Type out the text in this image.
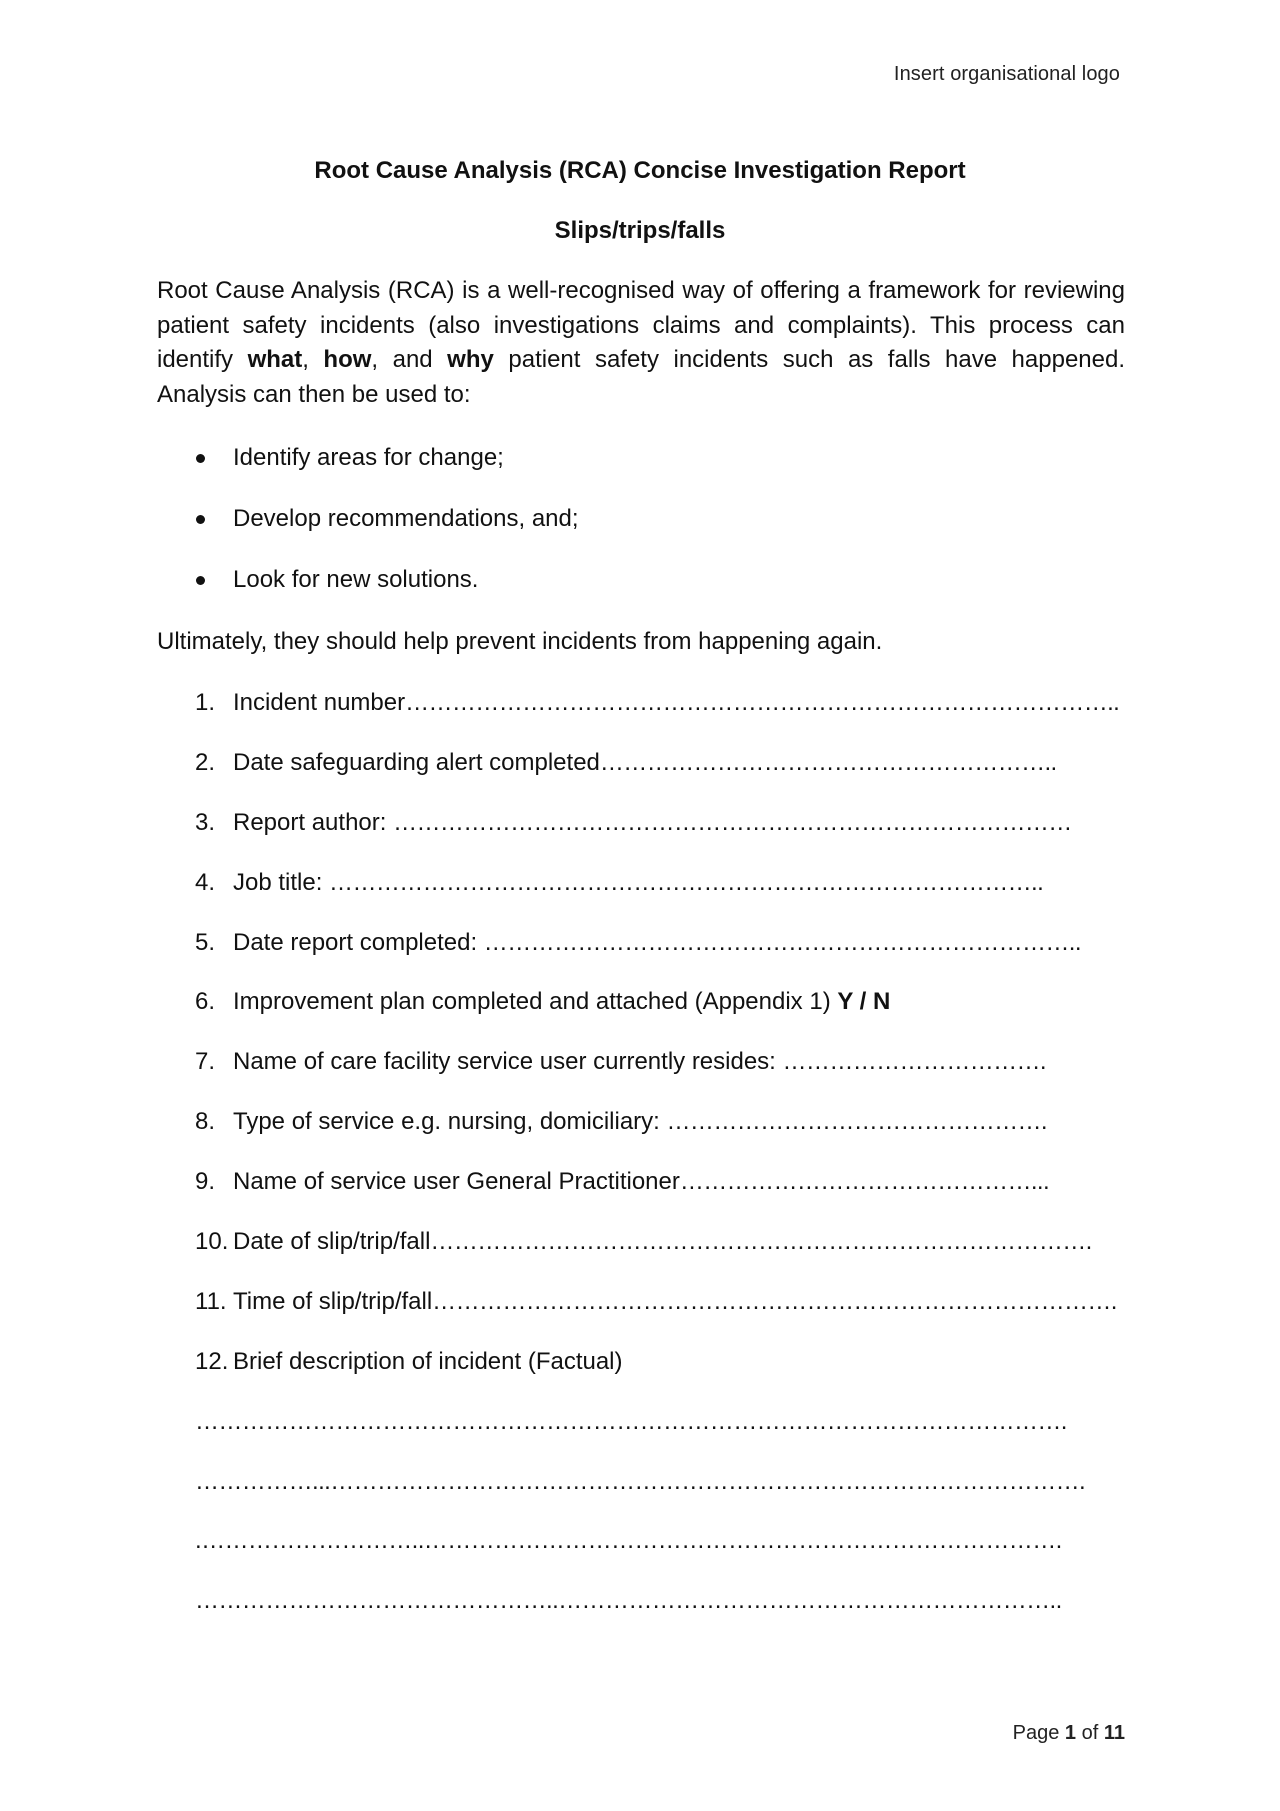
Insert organisational logo
Root Cause Analysis (RCA) Concise Investigation Report
Slips/trips/falls

Root Cause Analysis (RCA) is a well-recognised way of offering a framework for reviewing patient safety incidents (also investigations claims and complaints). This process can identify what, how, and why patient safety incidents such as falls have happened. Analysis can then be used to:

Identify areas for change;
Develop recommendations, and;
Look for new solutions.

Ultimately, they should help prevent incidents from happening again.

1. Incident number………………………………………………………………………………..
2. Date safeguarding alert completed…………………………………………………..
3. Report author: ……………………………………………………………………………
4. Job title: ………………………………………………………………………………..
5. Date report completed: …………………………………………………………………..
6. Improvement plan completed and attached (Appendix 1) Y / N
7. Name of care facility service user currently resides: …………………………….
8. Type of service e.g. nursing, domiciliary: ………………………………………….
9. Name of service user General Practitioner………………………………………...
10. Date of slip/trip/fall………………………………………………………………………….
11. Time of slip/trip/fall…………………………………………………………………………….
12. Brief description of incident (Factual)
………………………………………………………………………………………………….
……………...…………………………………………………………………………………….
.………………………..……………………………………………………………………….
………………………………………..………………………………………………………..
Page 1 of 11
